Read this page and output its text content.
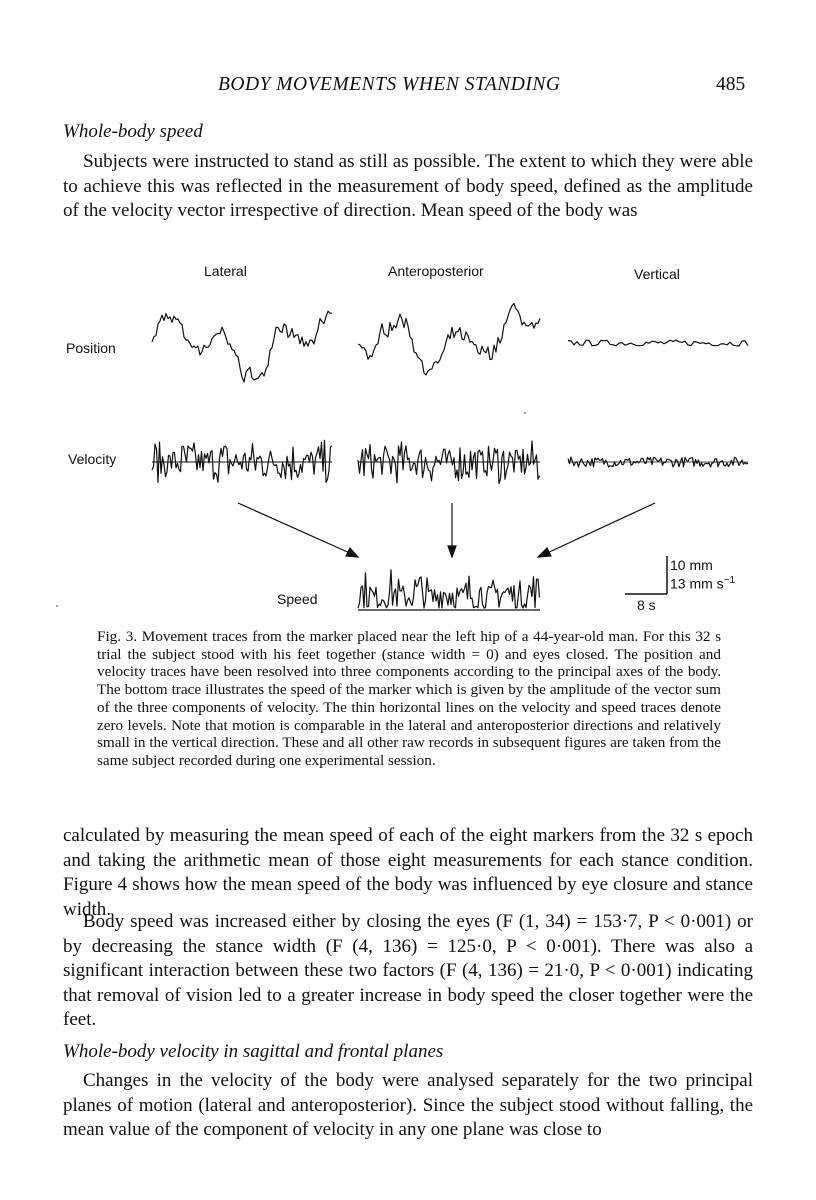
BODY MOVEMENTS WHEN STANDING	485
Whole-body speed
Subjects were instructed to stand as still as possible. The extent to which they were able to achieve this was reflected in the measurement of body speed, defined as the amplitude of the velocity vector irrespective of direction. Mean speed of the body was
Lateral	Anteroposterior	Vertical
Position
Velocity
Speed
10 mm
13 mm $s^{-1}$
8 s
Fig. 3. Movement traces from the marker placed near the left hip of a 44-year-old man. For this 32 s trial the subject stood with his feet together (stance width = 0) and eyes closed. The position and velocity traces have been resolved into three components according to the principal axes of the body. The bottom trace illustrates the speed of the marker which is given by the amplitude of the vector sum of the three components of velocity. The thin horizontal lines on the velocity and speed traces denote zero levels. Note that motion is comparable in the lateral and anteroposterior directions and relatively small in the vertical direction. These and all other raw records in subsequent figures are taken from the same subject recorded during one experimental session.
calculated by measuring the mean speed of each of the eight markers from the 32 s epoch and taking the arithmetic mean of those eight measurements for each stance condition. Figure 4 shows how the mean speed of the body was influenced by eye closure and stance width.
Body speed was increased either by closing the eyes (F (1, 34) = 153·7, P < 0·001) or by decreasing the stance width (F (4, 136) = 125·0, P < 0·001). There was also a significant interaction between these two factors (F (4, 136) = 21·0, P < 0·001) indicating that removal of vision led to a greater increase in body speed the closer together were the feet.
Whole-body velocity in sagittal and frontal planes
Changes in the velocity of the body were analysed separately for the two principal planes of motion (lateral and anteroposterior). Since the subject stood without falling, the mean value of the component of velocity in any one plane was close to
